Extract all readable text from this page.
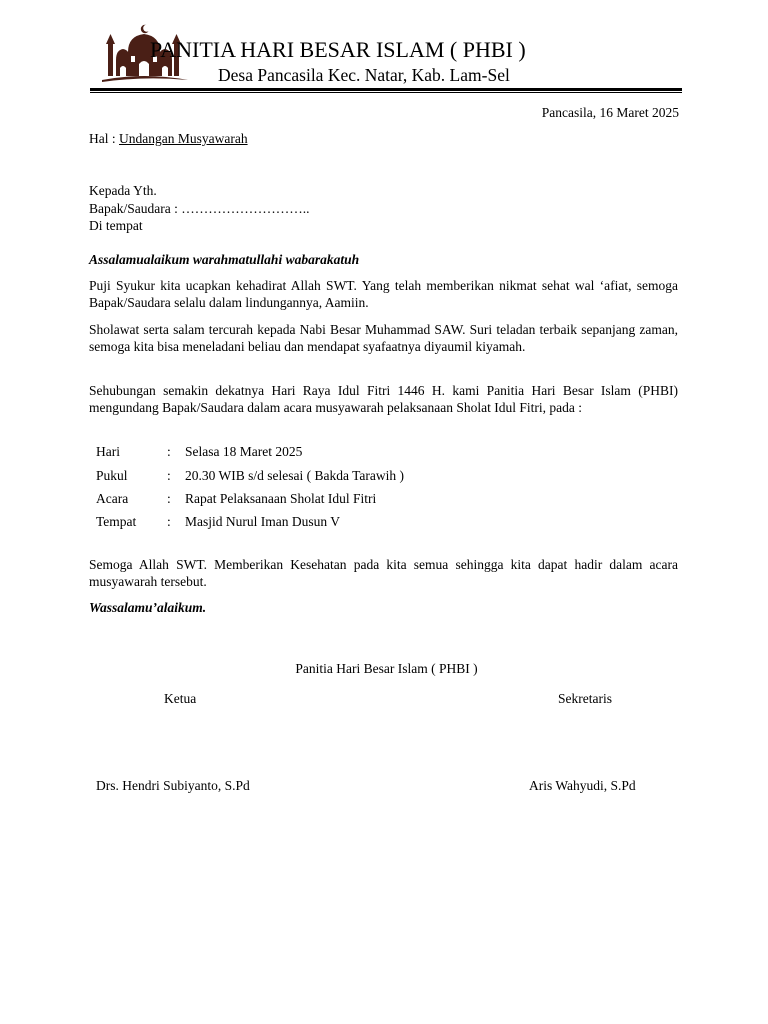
PANITIA HARI BESAR ISLAM ( PHBI )
Desa Pancasila Kec. Natar, Kab. Lam-Sel
Pancasila, 16 Maret 2025
Hal : Undangan Musyawarah
Kepada Yth.
Bapak/Saudara : ………………………..
Di tempat
Assalamualaikum warahmatullahi wabarakatuh
Puji Syukur kita ucapkan kehadirat Allah SWT. Yang telah memberikan nikmat sehat wal ‘afiat, semoga Bapak/Saudara selalu dalam lindungannya, Aamiin.
Sholawat serta salam tercurah kepada Nabi Besar Muhammad SAW. Suri teladan terbaik sepanjang zaman, semoga kita bisa meneladani beliau dan mendapat syafaatnya diyaumil kiyamah.
Sehubungan semakin dekatnya Hari Raya Idul Fitri 1446 H. kami Panitia Hari Besar Islam (PHBI) mengundang Bapak/Saudara dalam acara musyawarah pelaksanaan Sholat Idul Fitri, pada :
Hari	: Selasa 18 Maret 2025
Pukul	: 20.30 WIB s/d selesai ( Bakda Tarawih )
Acara	: Rapat Pelaksanaan Sholat Idul Fitri
Tempat : Masjid Nurul Iman Dusun V
Semoga Allah SWT. Memberikan Kesehatan pada kita semua sehingga kita dapat hadir dalam acara musyawarah tersebut.
Wassalamu’alaikum.
Panitia Hari Besar Islam ( PHBI )
Ketua	Sekretaris
Drs. Hendri Subiyanto, S.Pd	Aris Wahyudi, S.Pd
